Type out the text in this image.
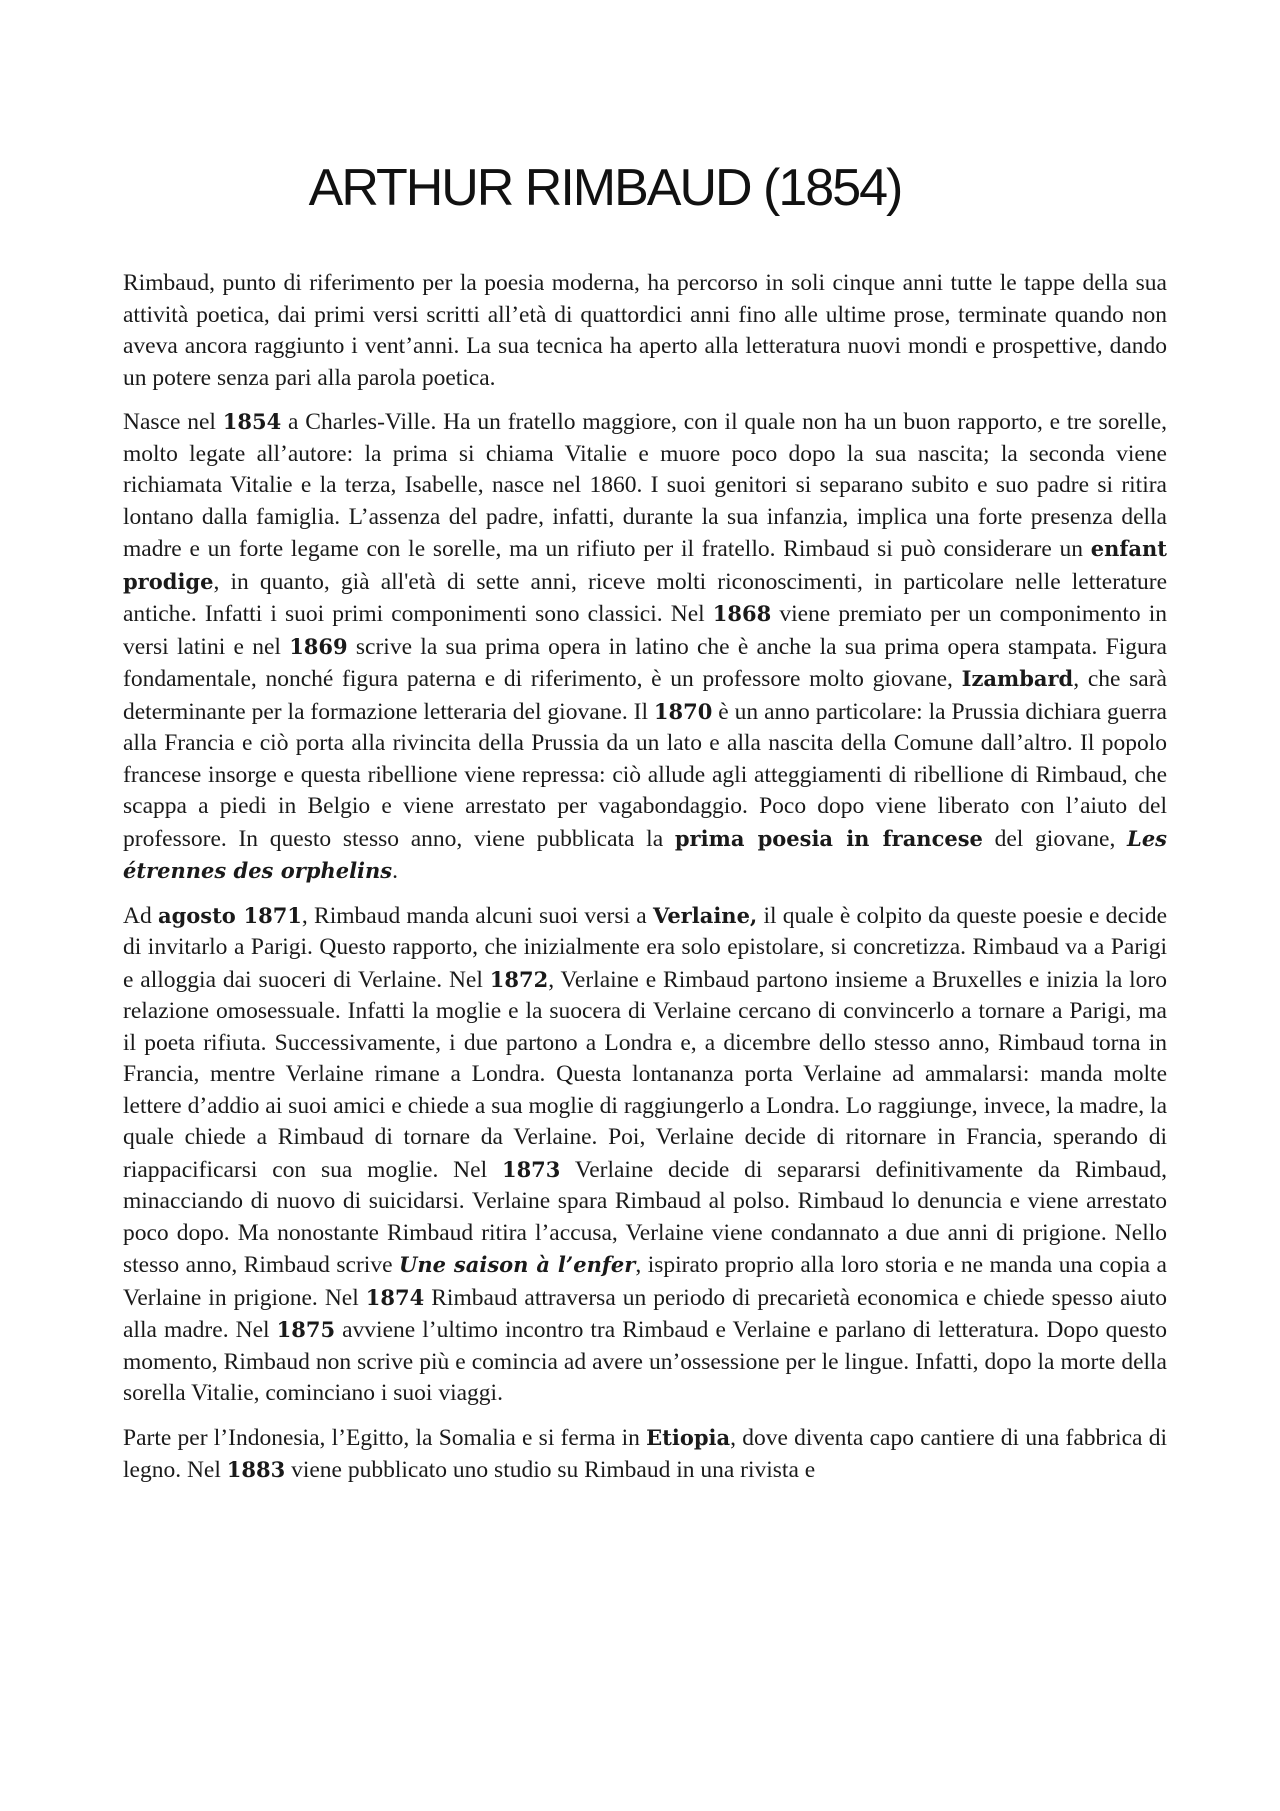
ARTHUR RIMBAUD (1854)

Rimbaud, punto di riferimento per la poesia moderna, ha percorso in soli cinque anni tutte le tappe della sua attività poetica, dai primi versi scritti all’età di quattordici anni fino alle ultime prose, terminate quando non aveva ancora raggiunto i vent’anni. La sua tecnica ha aperto alla letteratura nuovi mondi e prospettive, dando un potere senza pari alla parola poetica.

Nasce nel 1854 a Charles-Ville. Ha un fratello maggiore, con il quale non ha un buon rapporto, e tre sorelle, molto legate all’autore: la prima si chiama Vitalie e muore poco dopo la sua nascita; la seconda viene richiamata Vitalie e la terza, Isabelle, nasce nel 1860. I suoi genitori si separano subito e suo padre si ritira lontano dalla famiglia. L’assenza del padre, infatti, durante la sua infanzia, implica una forte presenza della madre e un forte legame con le sorelle, ma un rifiuto per il fratello. Rimbaud si può considerare un enfant prodige, in quanto, già all'età di sette anni, riceve molti riconoscimenti, in particolare nelle letterature antiche. Infatti i suoi primi componimenti sono classici. Nel 1868 viene premiato per un componimento in versi latini e nel 1869 scrive la sua prima opera in latino che è anche la sua prima opera stampata. Figura fondamentale, nonché figura paterna e di riferimento, è un professore molto giovane, Izambard, che sarà determinante per la formazione letteraria del giovane. Il 1870 è un anno particolare: la Prussia dichiara guerra alla Francia e ciò porta alla rivincita della Prussia da un lato e alla nascita della Comune dall’altro. Il popolo francese insorge e questa ribellione viene repressa: ciò allude agli atteggiamenti di ribellione di Rimbaud, che scappa a piedi in Belgio e viene arrestato per vagabondaggio. Poco dopo viene liberato con l’aiuto del professore. In questo stesso anno, viene pubblicata la prima poesia in francese del giovane, Les étrennes des orphelins.

Ad agosto 1871, Rimbaud manda alcuni suoi versi a Verlaine, il quale è colpito da queste poesie e decide di invitarlo a Parigi. Questo rapporto, che inizialmente era solo epistolare, si concretizza. Rimbaud va a Parigi e alloggia dai suoceri di Verlaine. Nel 1872, Verlaine e Rimbaud partono insieme a Bruxelles e inizia la loro relazione omosessuale. Infatti la moglie e la suocera di Verlaine cercano di convincerlo a tornare a Parigi, ma il poeta rifiuta. Successivamente, i due partono a Londra e, a dicembre dello stesso anno, Rimbaud torna in Francia, mentre Verlaine rimane a Londra. Questa lontananza porta Verlaine ad ammalarsi: manda molte lettere d’addio ai suoi amici e chiede a sua moglie di raggiungerlo a Londra. Lo raggiunge, invece, la madre, la quale chiede a Rimbaud di tornare da Verlaine. Poi, Verlaine decide di ritornare in Francia, sperando di riappacificarsi con sua moglie. Nel 1873 Verlaine decide di separarsi definitivamente da Rimbaud, minacciando di nuovo di suicidarsi. Verlaine spara Rimbaud al polso. Rimbaud lo denuncia e viene arrestato poco dopo. Ma nonostante Rimbaud ritira l’accusa, Verlaine viene condannato a due anni di prigione. Nello stesso anno, Rimbaud scrive Une saison à l’enfer, ispirato proprio alla loro storia e ne manda una copia a Verlaine in prigione. Nel 1874 Rimbaud attraversa un periodo di precarietà economica e chiede spesso aiuto alla madre. Nel 1875 avviene l’ultimo incontro tra Rimbaud e Verlaine e parlano di letteratura. Dopo questo momento, Rimbaud non scrive più e comincia ad avere un’ossessione per le lingue. Infatti, dopo la morte della sorella Vitalie, cominciano i suoi viaggi.

Parte per l’Indonesia, l’Egitto, la Somalia e si ferma in Etiopia, dove diventa capo cantiere di una fabbrica di legno. Nel 1883 viene pubblicato uno studio su Rimbaud in una rivista e
